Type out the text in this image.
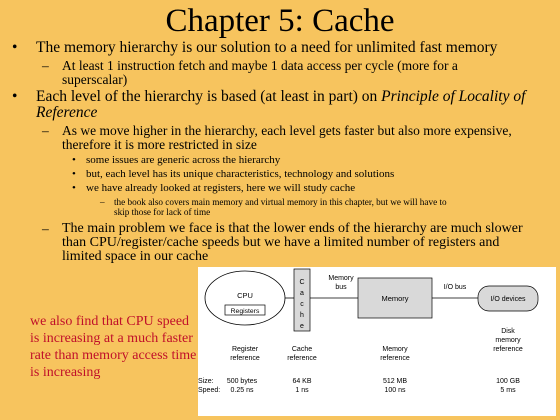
Chapter 5: Cache
• The memory hierarchy is our solution to a need for unlimited fast memory
– At least 1 instruction fetch and maybe 1 data access per cycle (more for a
superscalar)
• Each level of the hierarchy is based (at least in part) on Principle of Locality of
Reference
– As we move higher in the hierarchy, each level gets faster but also more expensive,
therefore it is more restricted in size
• some issues are generic across the hierarchy
• but, each level has its unique characteristics, technology and solutions
• we have already looked at registers, here we will study cache
– the book also covers main memory and virtual memory in this chapter, but we will have to
skip those for lack of time
– The main problem we face is that the lower ends of the hierarchy are much slower
than CPU/register/cache speeds but we have a limited number of registers and
limited space in our cache
we also find that CPU speed
is increasing at a much faster
rate than memory access time
is increasing
CPU
Registers
C
a
c
h
e
Memory
bus
Memory
I/O bus
I/O devices
Register
reference
Cache
reference
Memory
reference
Disk
memory
reference
Size:
Speed:
500 bytes
0.25 ns
64 KB
1 ns
512 MB
100 ns
100 GB
5 ms
